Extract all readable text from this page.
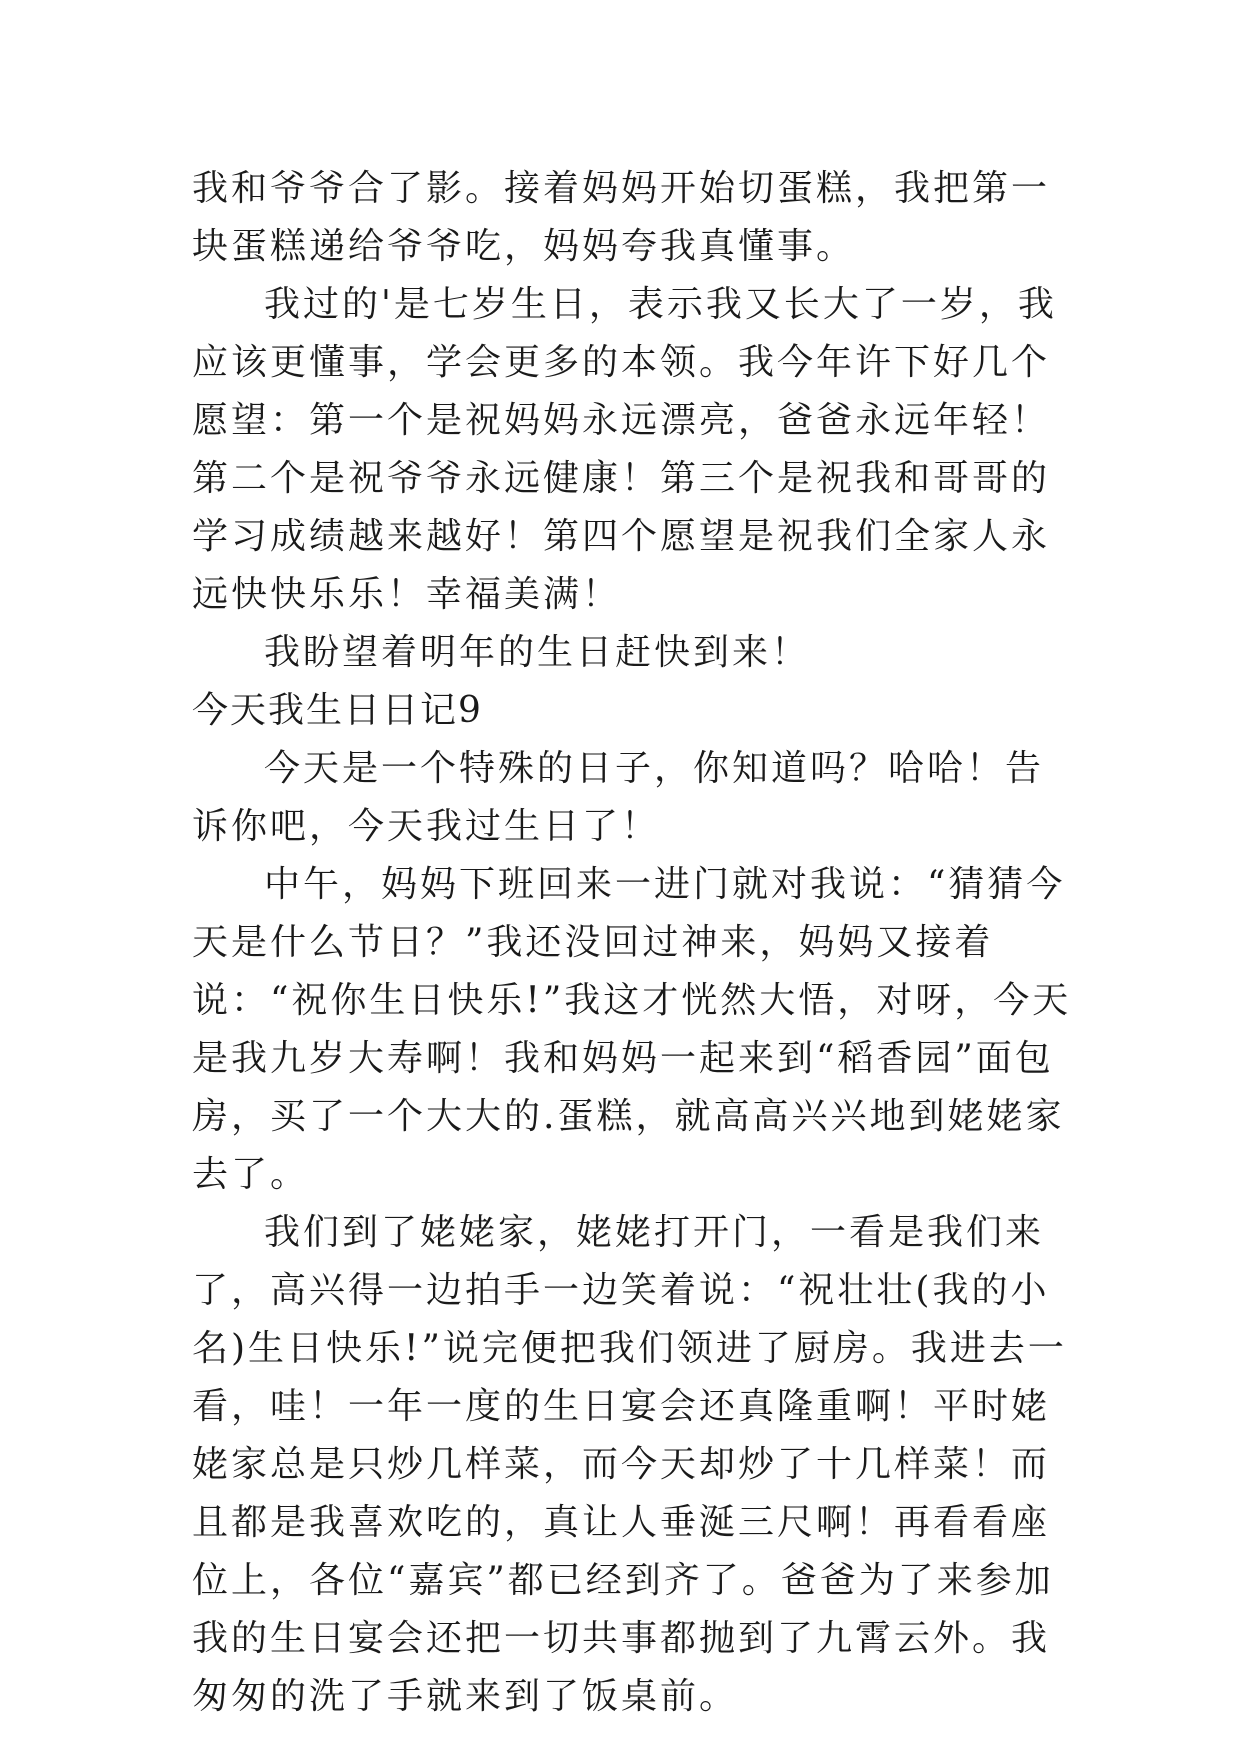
我和爷爷合了影。接着妈妈开始切蛋糕，我把第一块蛋糕递给爷爷吃，妈妈夸我真懂事。

我过的'是七岁生日，表示我又长大了一岁，我应该更懂事，学会更多的本领。我今年许下好几个愿望：第一个是祝妈妈永远漂亮，爸爸永远年轻！第二个是祝爷爷永远健康！第三个是祝我和哥哥的学习成绩越来越好！第四个愿望是祝我们全家人永远快快乐乐！幸福美满！

我盼望着明年的生日赶快到来！

今天我生日日记9

今天是一个特殊的日子，你知道吗？哈哈！告诉你吧，今天我过生日了！

中午，妈妈下班回来一进门就对我说：“猜猜今天是什么节日？”我还没回过神来，妈妈又接着说：“祝你生日快乐!”我这才恍然大悟，对呀，今天是我九岁大寿啊！我和妈妈一起来到“稻香园”面包房，买了一个大大的.蛋糕，就高高兴兴地到姥姥家去了。

我们到了姥姥家，姥姥打开门，一看是我们来了，高兴得一边拍手一边笑着说：“祝壮壮(我的小名)生日快乐!”说完便把我们领进了厨房。我进去一看，哇！一年一度的生日宴会还真隆重啊！平时姥姥家总是只炒几样菜，而今天却炒了十几样菜！而且都是我喜欢吃的，真让人垂涎三尺啊！再看看座位上，各位“嘉宾”都已经到齐了。爸爸为了来参加我的生日宴会还把一切共事都抛到了九霄云外。我匆匆的洗了手就来到了饭桌前。
